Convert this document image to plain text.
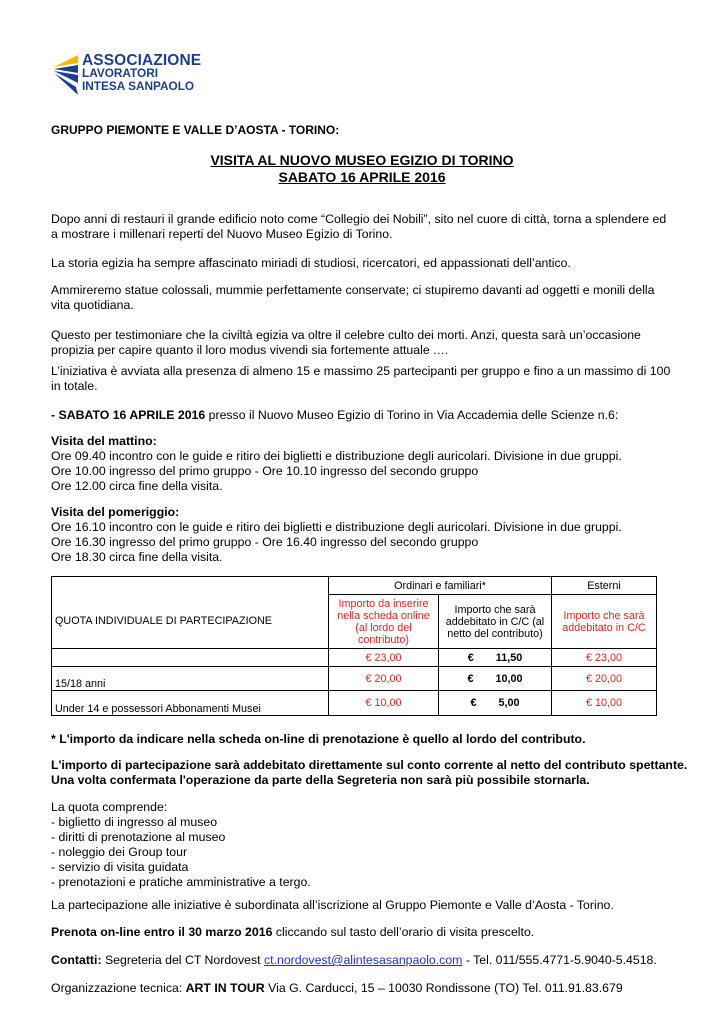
ASSOCIAZIONE
LAVORATORI
INTESA SANPAOLO
GRUPPO PIEMONTE E VALLE D’AOSTA - TORINO:
VISITA AL NUOVO MUSEO EGIZIO DI TORINO
SABATO 16 APRILE 2016
Dopo anni di restauri il grande edificio noto come “Collegio dei Nobili”, sito nel cuore di città, torna a splendere ed a mostrare i millenari reperti del Nuovo Museo Egizio di Torino.
La storia egizia ha sempre affascinato miriadi di studiosi, ricercatori, ed appassionati dell’antico.
Ammireremo statue colossali, mummie perfettamente conservate; ci stupiremo davanti ad oggetti e monili della vita quotidiana.
Questo per testimoniare che la civiltà egizia va oltre il celebre culto dei morti. Anzi, questa sarà un’occasione propizia per capire quanto il loro modus vivendi sia fortemente attuale .…
L’iniziativa è avviata alla presenza di almeno 15 e massimo 25 partecipanti per gruppo e fino a un massimo di 100 in totale.
- SABATO 16 APRILE 2016 presso il Nuovo Museo Egizio di Torino in Via Accademia delle Scienze n.6:
Visita del mattino:
Ore 09.40 incontro con le guide e ritiro dei biglietti e distribuzione degli auricolari. Divisione in due gruppi.
Ore 10.00 ingresso del primo gruppo - Ore 10.10 ingresso del secondo gruppo
Ore 12.00 circa fine della visita.
Visita del pomeriggio:
Ore 16.10 incontro con le guide e ritiro dei biglietti e distribuzione degli auricolari. Divisione in due gruppi.
Ore 16.30 ingresso del primo gruppo - Ore 16.40 ingresso del secondo gruppo
Ore 18.30 circa fine della visita.
	Ordinari e familiari*		Esterni
QUOTA INDIVIDUALE DI PARTECIPAZIONE	Importo da inserire nella scheda online (al lordo del contributo)	Importo che sarà addebitato in C/C (al netto del contributo)	Importo che sarà addebitato in C/C
	€ 23,00	€ 11,50	€ 23,00
15/18 anni	€ 20,00	€ 10,00	€ 20,00
Under 14 e possessori Abbonamenti Musei	€ 10,00	€ 5,00	€ 10,00
* L'importo da indicare nella scheda on-line di prenotazione è quello al lordo del contributo.
L'importo di partecipazione sarà addebitato direttamente sul conto corrente al netto del contributo spettante.
Una volta confermata l'operazione da parte della Segreteria non sarà più possibile stornarla.
La quota comprende:
- biglietto di ingresso al museo
- diritti di prenotazione al museo
- noleggio dei Group tour
- servizio di visita guidata
- prenotazioni e pratiche amministrative a tergo.
La partecipazione alle iniziative è subordinata all’iscrizione al Gruppo Piemonte e Valle d’Aosta - Torino.
Prenota on-line entro il 30 marzo 2016 cliccando sul tasto dell’orario di visita prescelto.
Contatti: Segreteria del CT Nordovest ct.nordovest@alintesasanpaolo.com - Tel. 011/555.4771-5.9040-5.4518.
Organizzazione tecnica: ART IN TOUR Via G. Carducci, 15 – 10030 Rondissone (TO) Tel. 011.91.83.679
